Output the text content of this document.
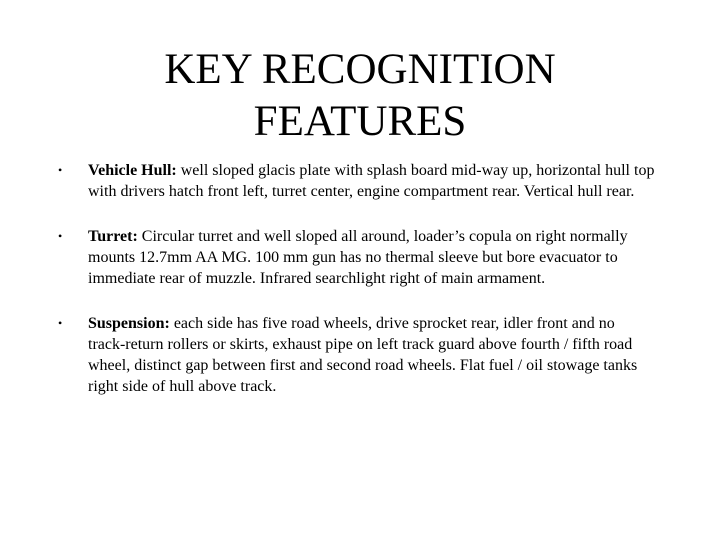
KEY RECOGNITION
FEATURES
• Vehicle Hull: well sloped glacis plate with splash board mid-way up, horizontal hull top with drivers hatch front left, turret center, engine compartment rear. Vertical hull rear.
• Turret: Circular turret and well sloped all around, loader’s copula on right normally mounts 12.7mm AA MG. 100 mm gun has no thermal sleeve but bore evacuator to immediate rear of muzzle. Infrared searchlight right of main armament.
• Suspension: each side has five road wheels, drive sprocket rear, idler front and no track-return rollers or skirts, exhaust pipe on left track guard above fourth / fifth road wheel, distinct gap between first and second road wheels. Flat fuel / oil stowage tanks right side of hull above track.
